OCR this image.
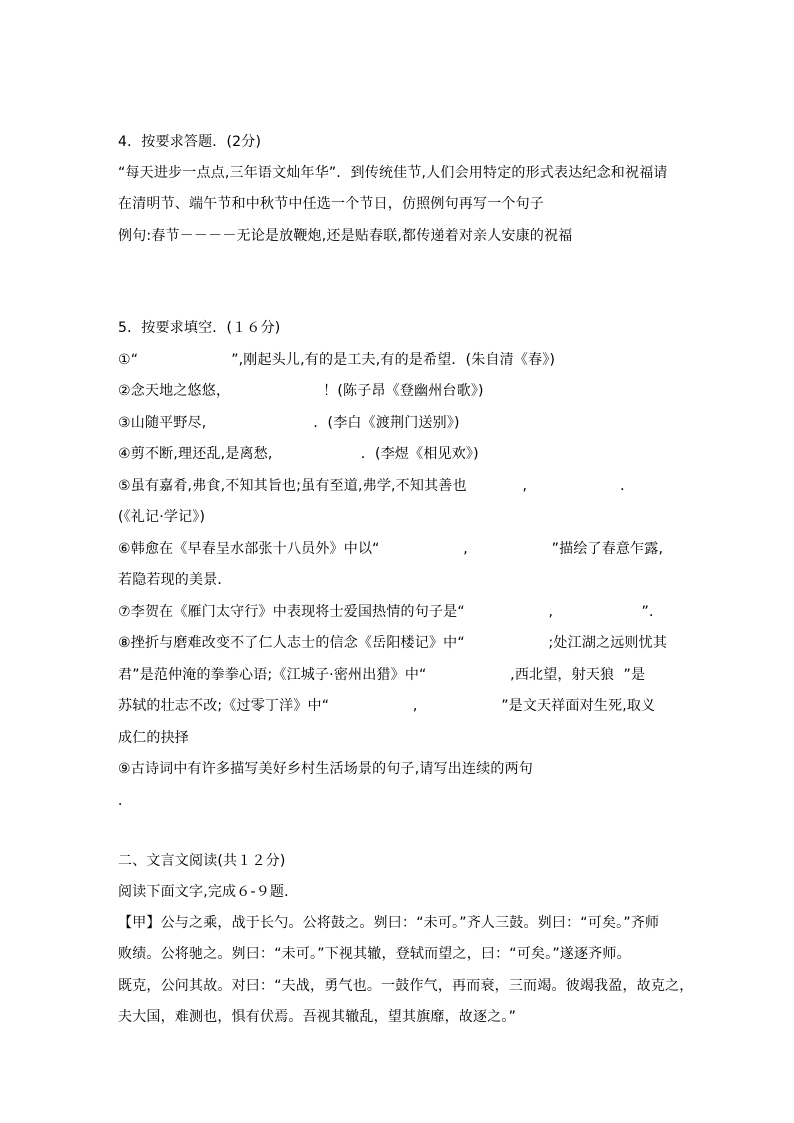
4．按要求答题．(2分)
“每天进步一点点,三年语文灿年华”．到传统佳节,人们会用特定的形式表达纪念和祝福请
在清明节、端午节和中秋节中任选一个节日，仿照例句再写一个句子
例句:春节－－－－无论是放鞭炮,还是贴春联,都传递着对亲人安康的祝福
5．按要求填空．(１６分)
①“                    ”,刚起头儿,有的是工夫,有的是希望．(朱自清《春》)
②念天地之悠悠，                    ！(陈子昂《登幽州台歌》)
③山随平野尽,                       ．(李白《渡荆门送别》)
④剪不断,理还乱,是离愁,                   ．(李煜《相见欢》)
⑤虽有嘉肴,弗食,不知其旨也;虽有至道,弗学,不知其善也            ,                    ．
(《礼记·学记》)
⑥韩愈在《早春呈水部张十八员外》中以“                  ,                  ”描绘了春意乍露,
若隐若现的美景．
⑦李贺在《雁门太守行》中表现将士爱国热情的句子是“                  ,                   ”．
⑧挫折与磨难改变不了仁人志士的信念《岳阳楼记》中“                  ;处江湖之远则忧其
君”是范仲淹的拳拳心语;《江城子·密州出猎》中“                  ,西北望，射天狼  ”是
苏轼的壮志不改;《过零丁洋》中“                  ,                  ”是文天祥面对生死,取义
成仁的抉择
⑨古诗词中有许多描写美好乡村生活场景的句子,请写出连续的两句
．
二、文言文阅读(共１２分)
阅读下面文字,完成６-９题．
【甲】公与之乘，战于长勺。公将鼓之。刿曰：“未可。”齐人三鼓。刿曰：“可矣。”齐师
败绩。公将驰之。刿曰：“未可。”下视其辙，登轼而望之，曰：“可矣。”遂逐齐师。
既克，公问其故。对曰：“夫战，勇气也。一鼓作气，再而衰，三而竭。彼竭我盈，故克之，
夫大国，难测也，惧有伏焉。吾视其辙乱，望其旗靡，故逐之。”
